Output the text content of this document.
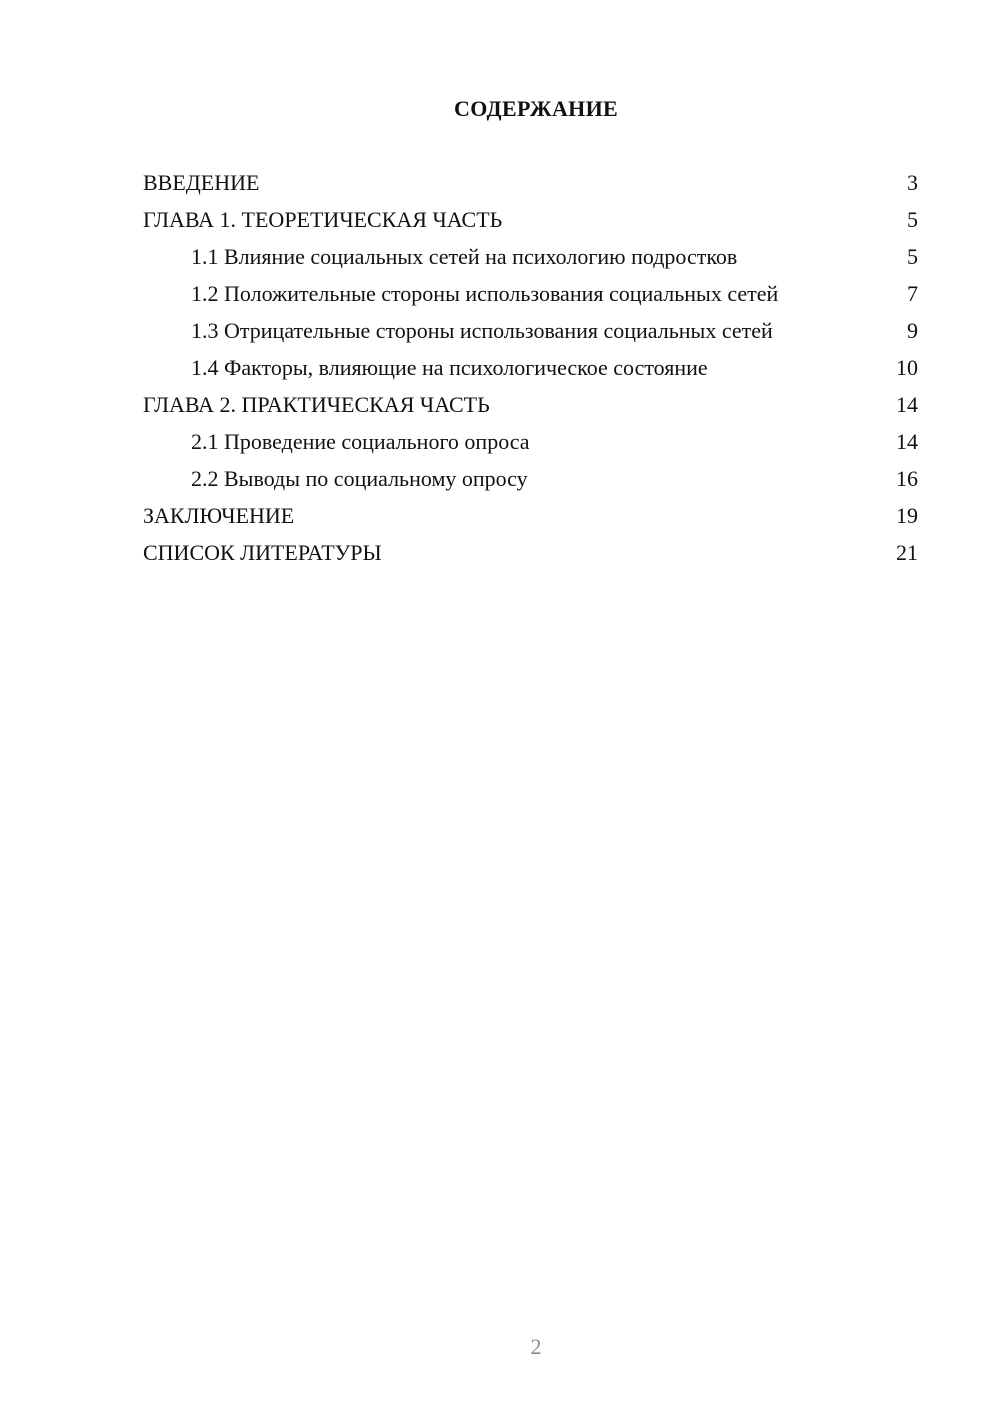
СОДЕРЖАНИЕ
ВВЕДЕНИЕ	3
ГЛАВА 1. ТЕОРЕТИЧЕСКАЯ ЧАСТЬ	5
1.1 Влияние социальных сетей на психологию подростков	5
1.2 Положительные стороны использования социальных сетей	7
1.3 Отрицательные стороны использования социальных сетей	9
1.4 Факторы, влияющие на психологическое состояние	10
ГЛАВА 2. ПРАКТИЧЕСКАЯ ЧАСТЬ	14
2.1 Проведение социального опроса	14
2.2 Выводы по социальному опросу	16
ЗАКЛЮЧЕНИЕ	19
СПИСОК ЛИТЕРАТУРЫ	21
2
